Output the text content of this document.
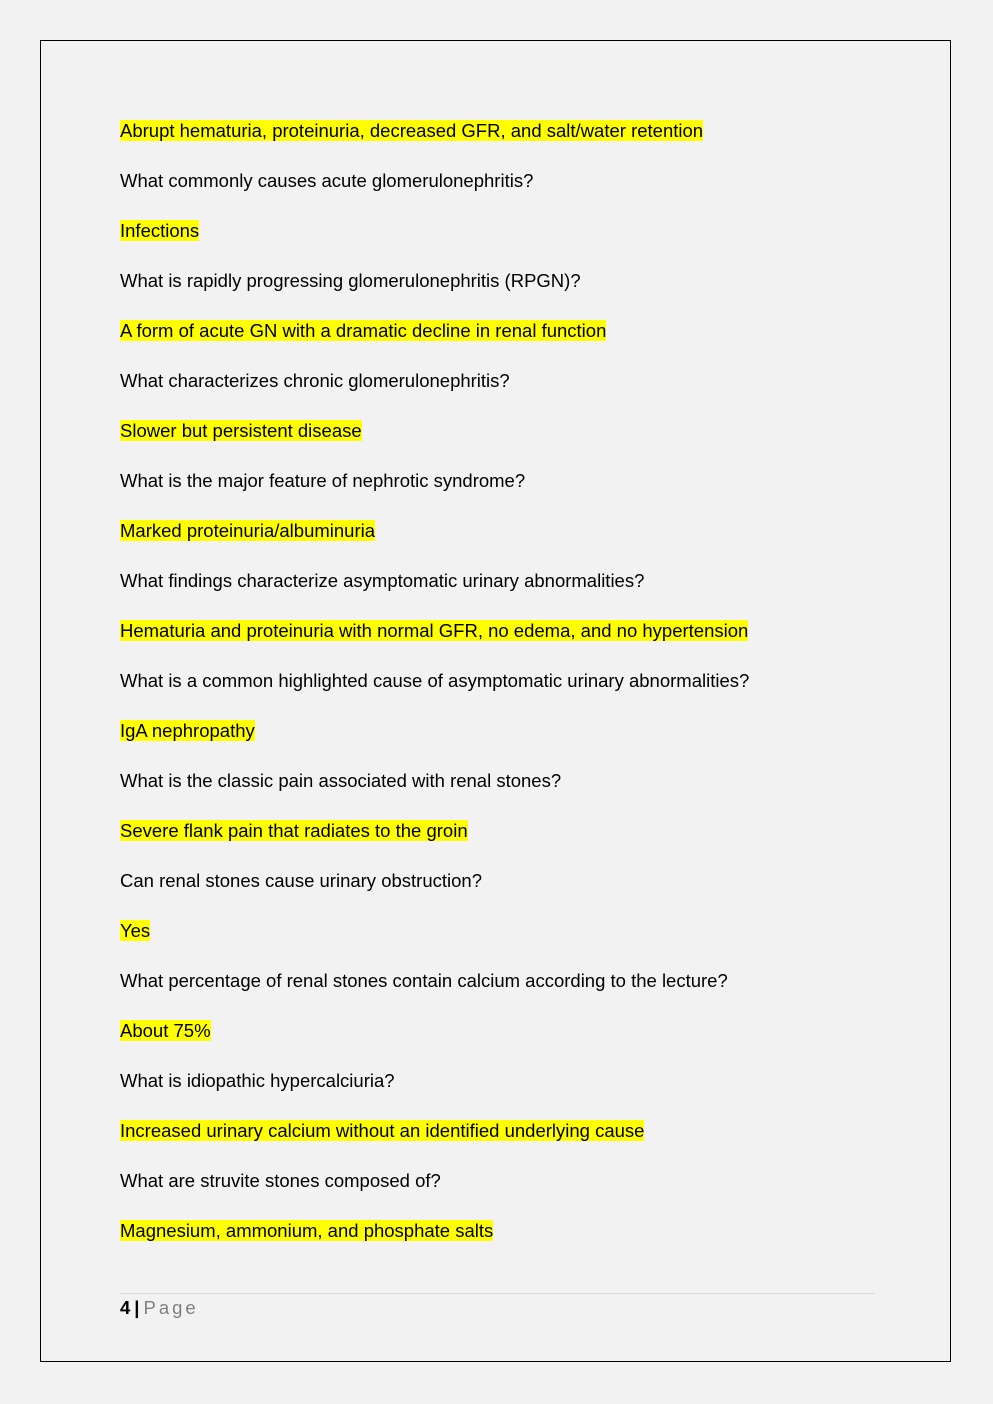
Abrupt hematuria, proteinuria, decreased GFR, and salt/water retention
What commonly causes acute glomerulonephritis?
Infections
What is rapidly progressing glomerulonephritis (RPGN)?
A form of acute GN with a dramatic decline in renal function
What characterizes chronic glomerulonephritis?
Slower but persistent disease
What is the major feature of nephrotic syndrome?
Marked proteinuria/albuminuria
What findings characterize asymptomatic urinary abnormalities?
Hematuria and proteinuria with normal GFR, no edema, and no hypertension
What is a common highlighted cause of asymptomatic urinary abnormalities?
IgA nephropathy
What is the classic pain associated with renal stones?
Severe flank pain that radiates to the groin
Can renal stones cause urinary obstruction?
Yes
What percentage of renal stones contain calcium according to the lecture?
About 75%
What is idiopathic hypercalciuria?
Increased urinary calcium without an identified underlying cause
What are struvite stones composed of?
Magnesium, ammonium, and phosphate salts
4 | Page
